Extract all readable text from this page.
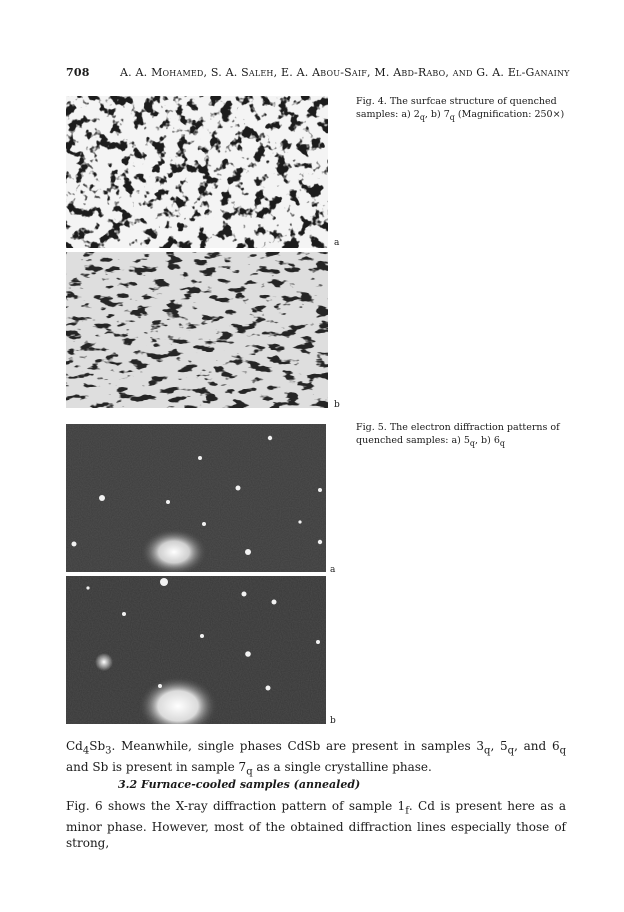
708	A. A. Mohamed, S. A. Saleh, E. A. Abou-Saif, M. Abd-Rabo, and G. A. El-Ganainy
a
b
Fig. 4. The surfcae structure of quenched samples: a) $2_q$, b) $7_q$ (Magnification: 250×)
a
b
Fig. 5. The electron diffraction patterns of quenched samples: a) $5_q$, b) $6_q$
$Cd_4Sb_3$. Meanwhile, single phases CdSb are present in samples $3_q$, $5_q$, and $6_q$ and Sb is present in sample $7_q$ as a single crystalline phase.
3.2 Furnace-cooled samples (annealed)
Fig. 6 shows the X-ray diffraction pattern of sample $1_f$. Cd is present here as a minor phase. However, most of the obtained diffraction lines especially those of strong,
